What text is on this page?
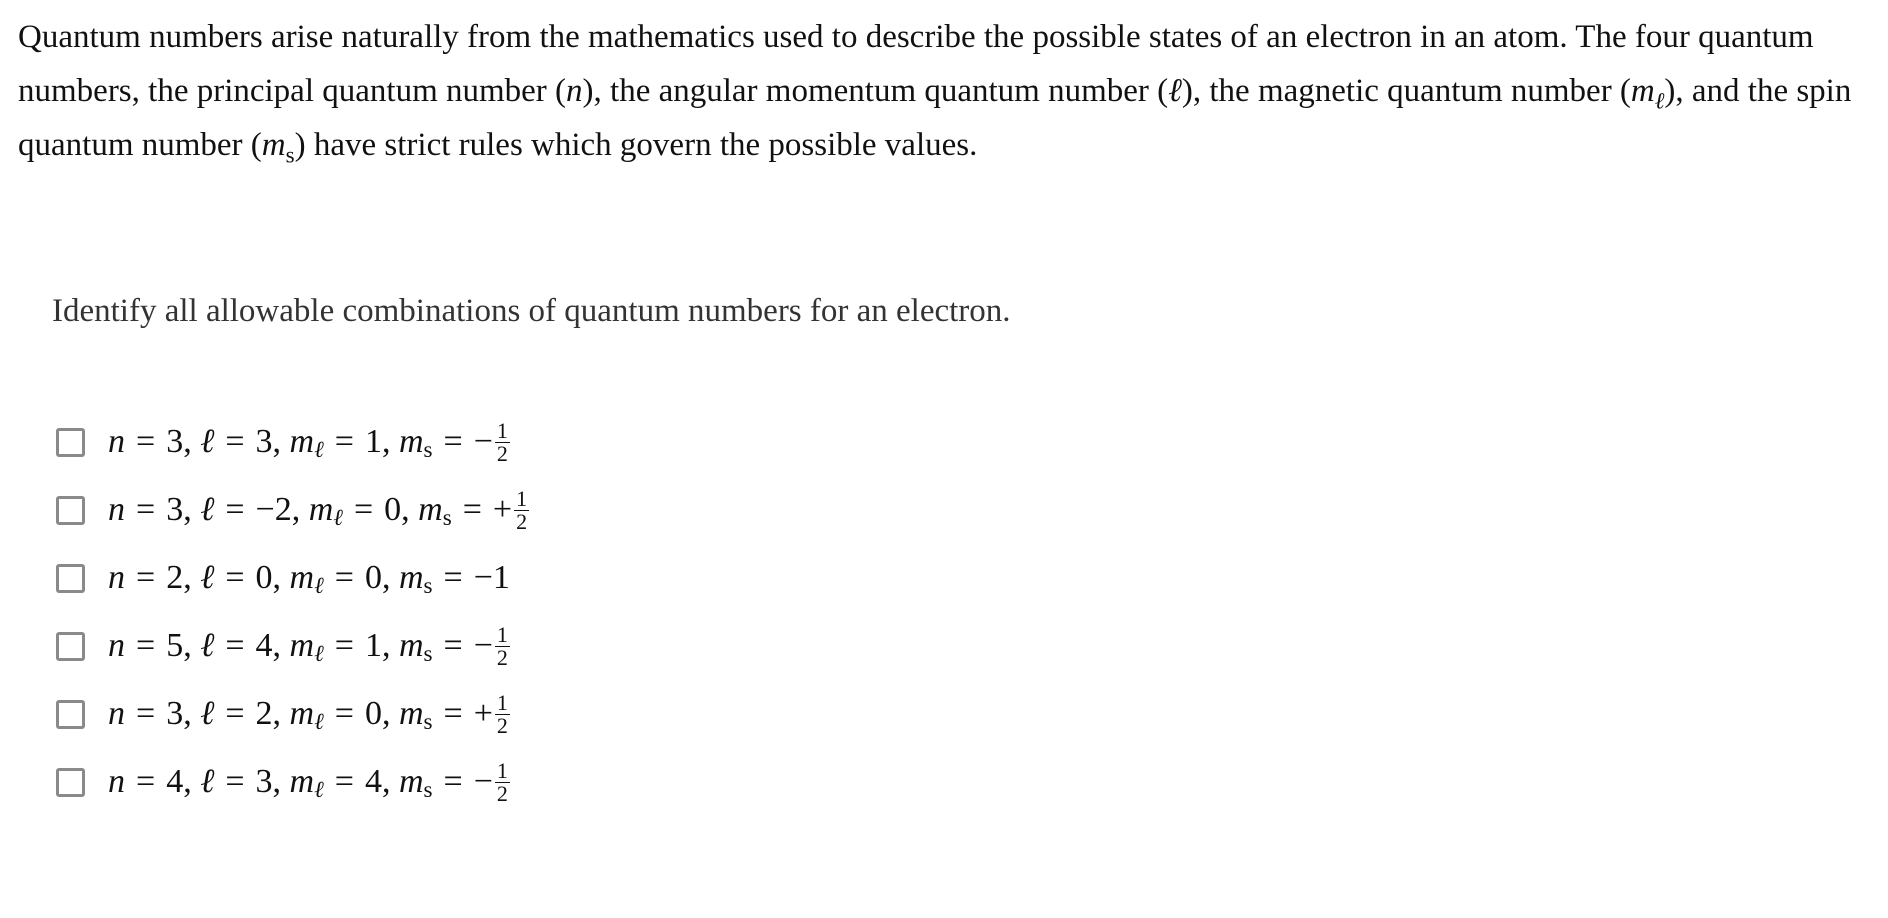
Quantum numbers arise naturally from the mathematics used to describe the possible states of an electron in an atom. The four quantum numbers, the principal quantum number (n), the angular momentum quantum number (ℓ), the magnetic quantum number $(m_\ell)$, and the spin quantum number $(m_s)$ have strict rules which govern the possible values.
Identify all allowable combinations of quantum numbers for an electron.
n = 3 ,
ℓ = 3 ,
m ℓ = 1 ,
m s = − $\frac{1}{2}$
n = 3 ,
ℓ = −2 ,
m ℓ = 0 ,
m s = + $\frac{1}{2}$
n = 2 ,
ℓ = 0 ,
m ℓ = 0 ,
m s = −1
n = 5 ,
ℓ = 4 ,
m ℓ = 1 ,
m s = − $\frac{1}{2}$
n = 3 ,
ℓ = 2 ,
m ℓ = 0 ,
m s = + $\frac{1}{2}$
n = 4 ,
ℓ = 3 ,
m ℓ = 4 ,
m s = − $\frac{1}{2}$
